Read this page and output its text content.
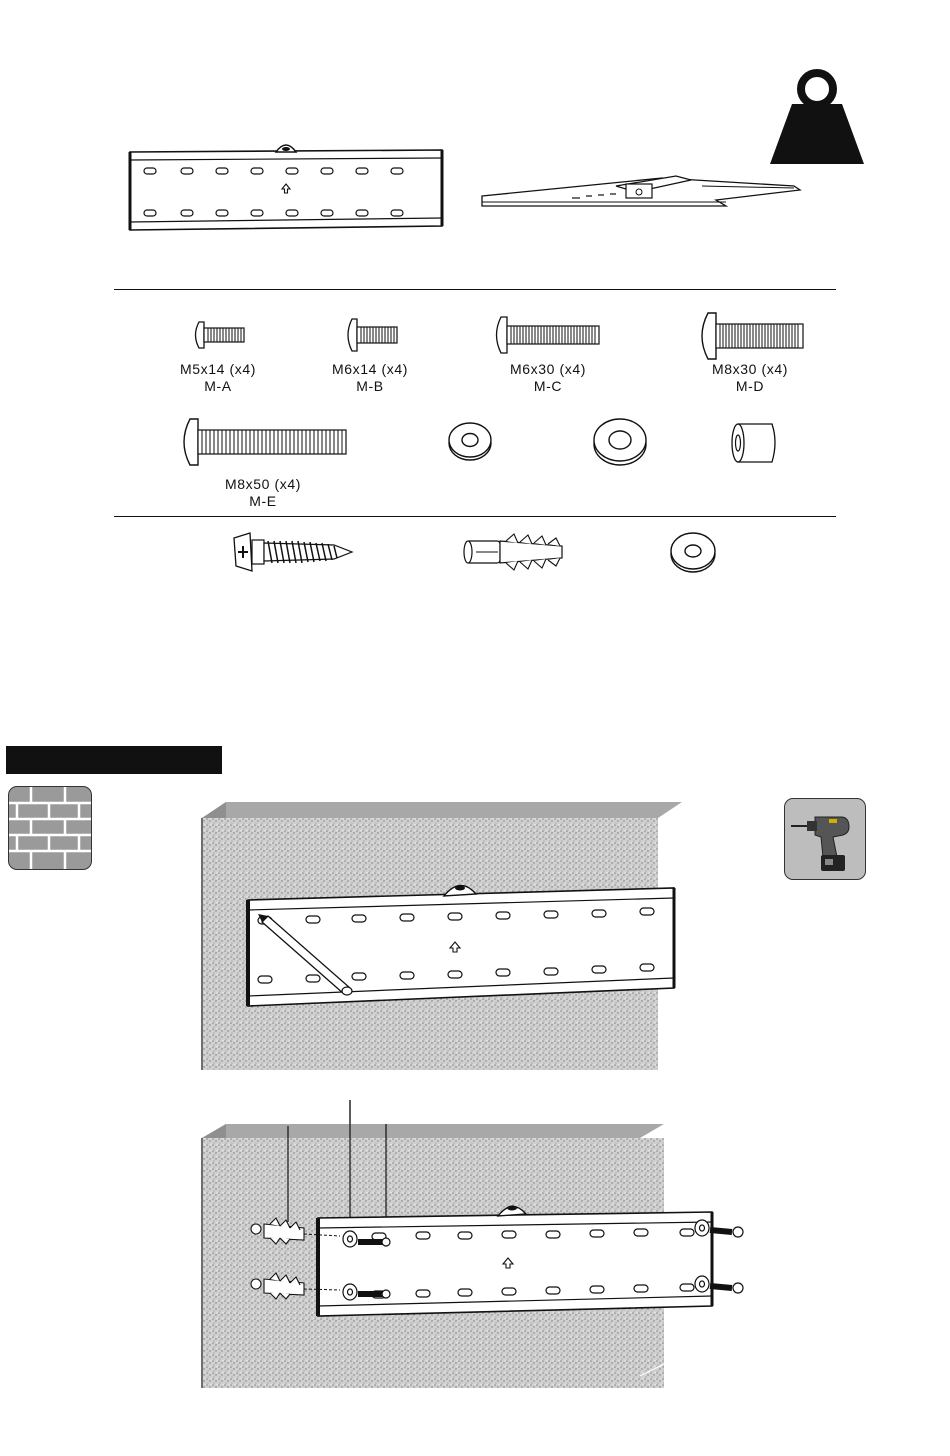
M5x14 (x4)
M-A
M6x14 (x4)
M-B
M6x30 (x4)
M-C
M8x30 (x4)
M-D
M8x50 (x4)
M-E
